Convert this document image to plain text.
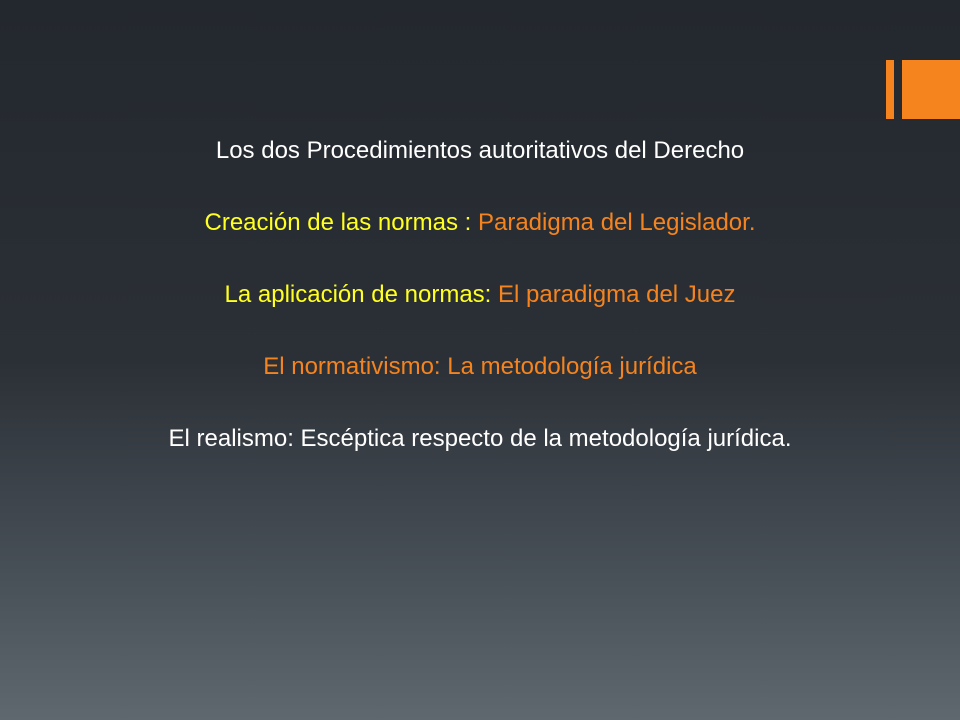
Los dos Procedimientos autoritativos del Derecho

Creación de las normas : Paradigma del Legislador.

La aplicación de normas: El paradigma del Juez

El normativismo: La metodología jurídica

El realismo: Escéptica respecto de la metodología jurídica.
